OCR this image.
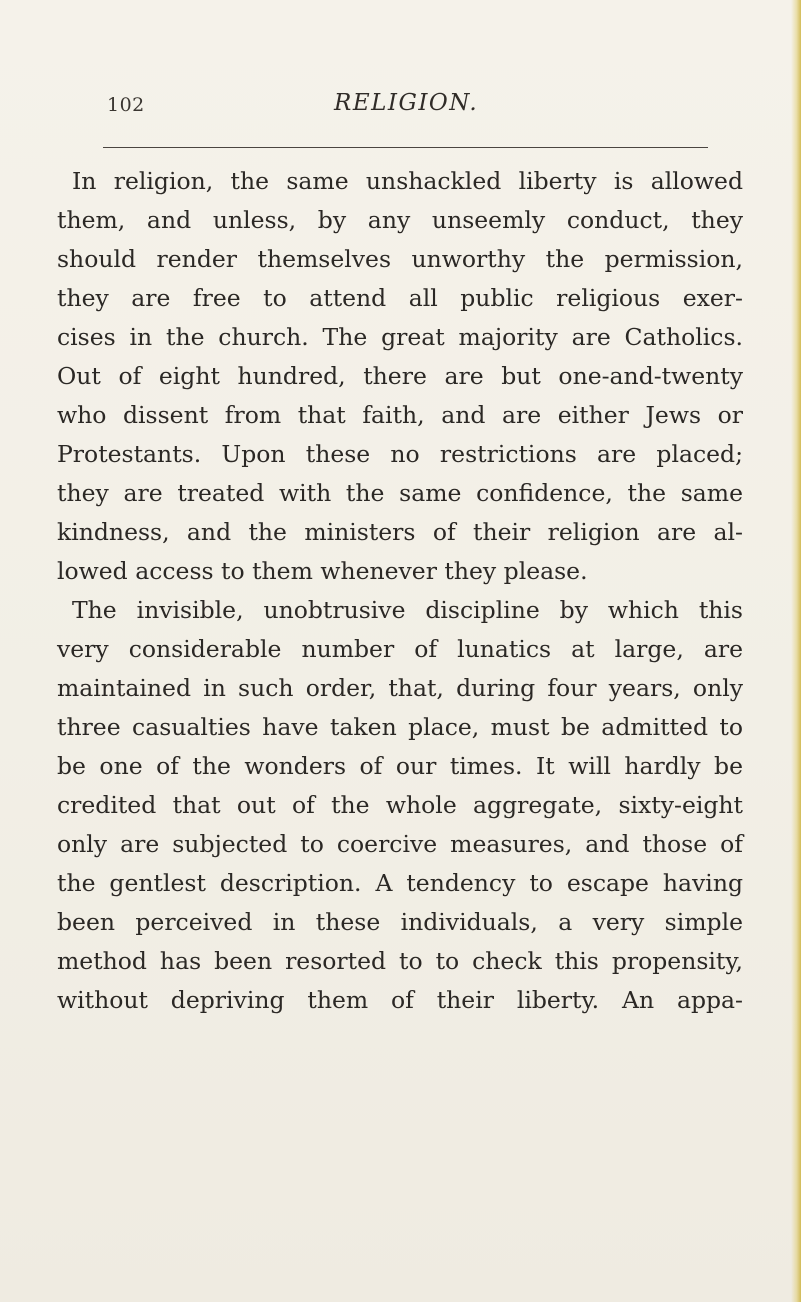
102	RELIGION.
In religion, the same unshackled liberty is allowed
them, and unless, by any unseemly conduct, they
should render themselves unworthy the permission,
they are free to attend all public religious exer-
cises in the church. The great majority are Catholics.
Out of eight hundred, there are but one-and-twenty
who dissent from that faith, and are either Jews or
Protestants. Upon these no restrictions are placed;
they are treated with the same confidence, the same
kindness, and the ministers of their religion are al-
lowed access to them whenever they please.
The invisible, unobtrusive discipline by which this
very considerable number of lunatics at large, are
maintained in such order, that, during four years, only
three casualties have taken place, must be admitted to
be one of the wonders of our times. It will hardly be
credited that out of the whole aggregate, sixty-eight
only are subjected to coercive measures, and those of
the gentlest description. A tendency to escape having
been perceived in these individuals, a very simple
method has been resorted to to check this propensity,
without depriving them of their liberty. An appa-
